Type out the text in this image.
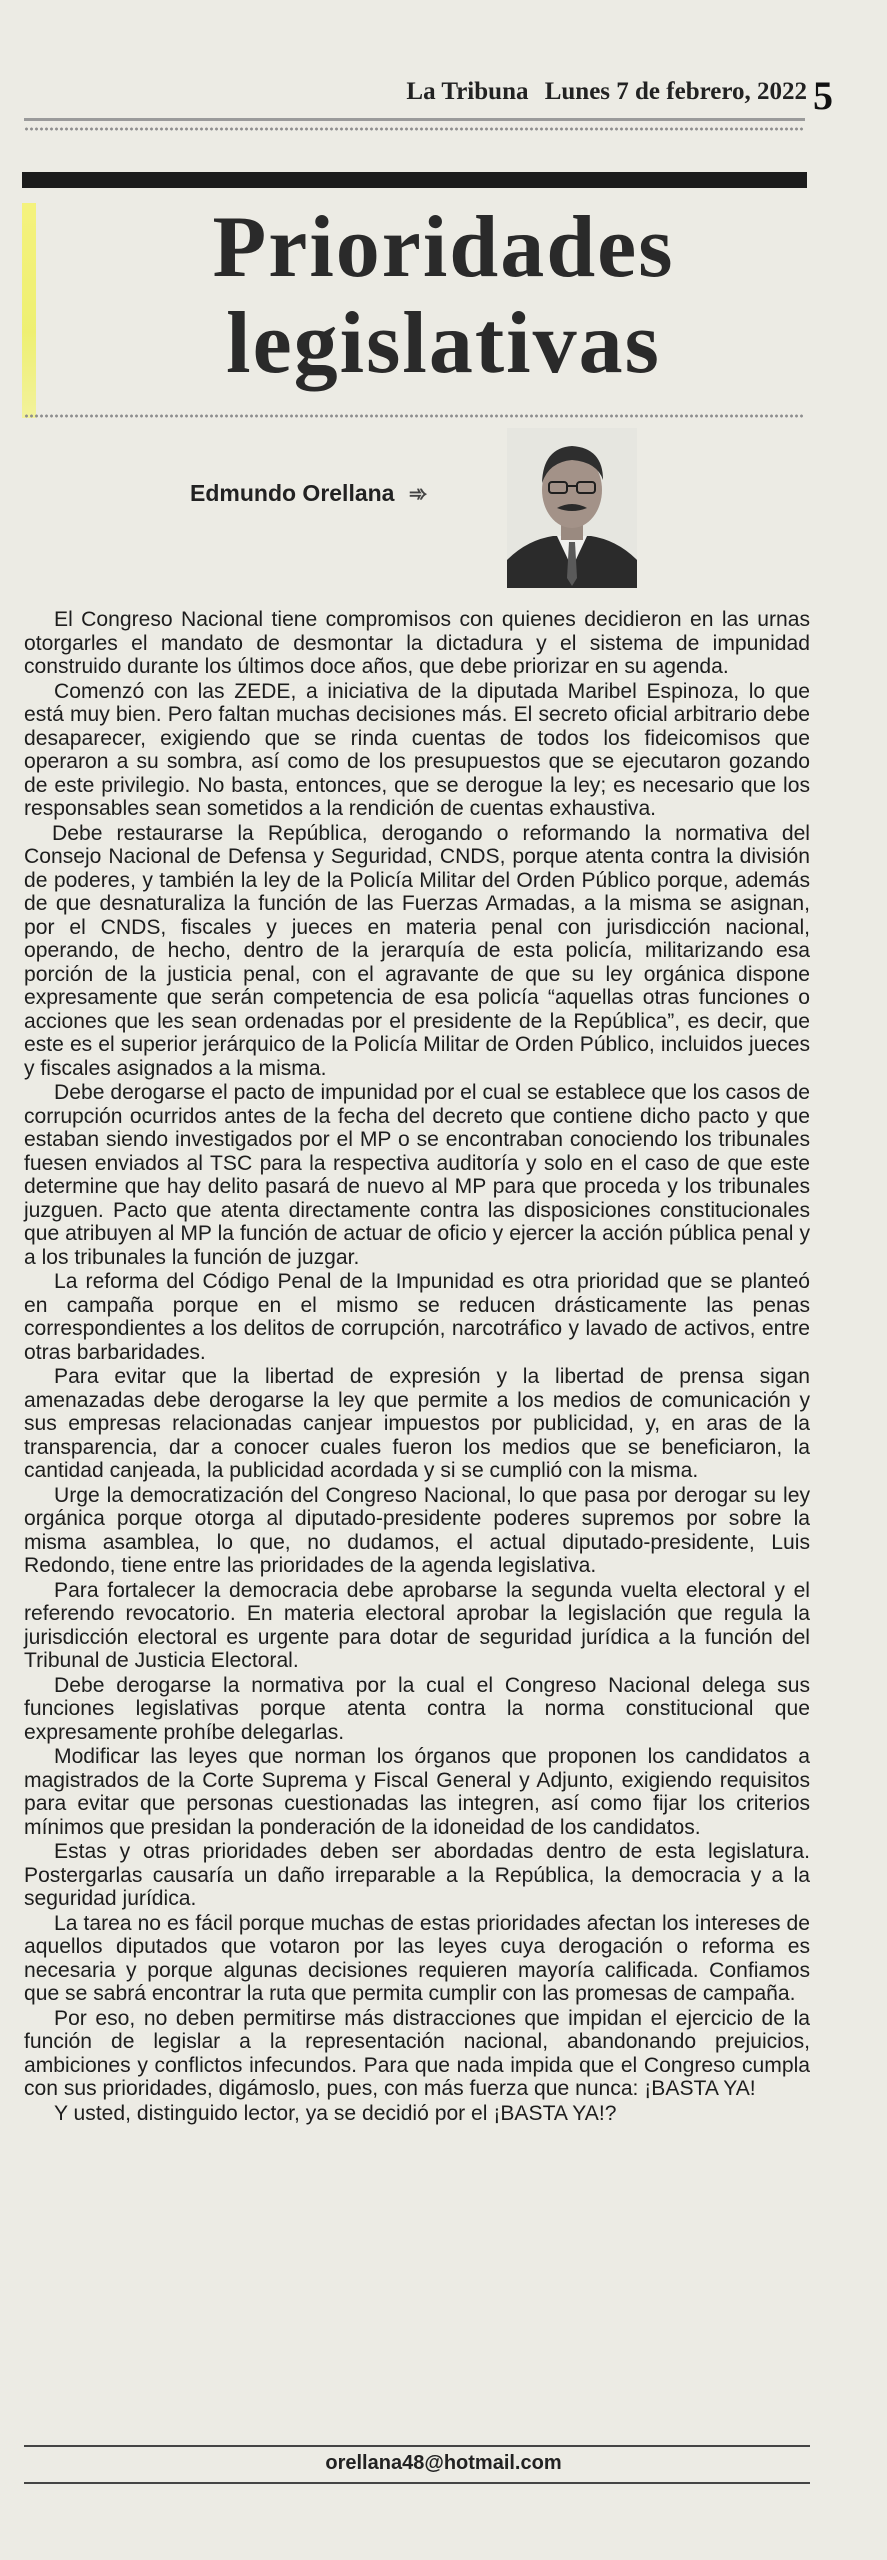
La Tribuna Lunes 7 de febrero, 2022 5
Prioridades
legislativas
Edmundo Orellana ➾

El Congreso Nacional tiene compromisos con quienes decidieron en las urnas otorgarles el mandato de desmontar la dictadura y el sistema de impunidad construido durante los últimos doce años, que debe priorizar en su agenda.

Comenzó con las ZEDE, a iniciativa de la diputada Maribel Espinoza, lo que está muy bien. Pero faltan muchas decisiones más. El secreto oficial arbitrario debe desaparecer, exigiendo que se rinda cuentas de todos los fideicomisos que operaron a su sombra, así como de los presupuestos que se ejecutaron gozando de este privilegio. No basta, entonces, que se derogue la ley; es necesario que los responsables sean sometidos a la rendición de cuentas exhaustiva.

Debe restaurarse la República, derogando o reformando la normativa del Consejo Nacional de Defensa y Seguridad, CNDS, porque atenta contra la división de poderes, y también la ley de la Policía Militar del Orden Público porque, además de que desnaturaliza la función de las Fuerzas Armadas, a la misma se asignan, por el CNDS, fiscales y jueces en materia penal con jurisdicción nacional, operando, de hecho, dentro de la jerarquía de esta policía, militarizando esa porción de la justicia penal, con el agravante de que su ley orgánica dispone expresamente que serán competencia de esa policía “aquellas otras funciones o acciones que les sean ordenadas por el presidente de la República”, es decir, que este es el superior jerárquico de la Policía Militar de Orden Público, incluidos jueces y fiscales asignados a la misma.

Debe derogarse el pacto de impunidad por el cual se establece que los casos de corrupción ocurridos antes de la fecha del decreto que contiene dicho pacto y que estaban siendo investigados por el MP o se encontraban conociendo los tribunales fuesen enviados al TSC para la respectiva auditoría y solo en el caso de que este determine que hay delito pasará de nuevo al MP para que proceda y los tribunales juzguen. Pacto que atenta directamente contra las disposiciones constitucionales que atribuyen al MP la función de actuar de oficio y ejercer la acción pública penal y a los tribunales la función de juzgar.

La reforma del Código Penal de la Impunidad es otra prioridad que se planteó en campaña porque en el mismo se reducen drásticamente las penas correspondientes a los delitos de corrupción, narcotráfico y lavado de activos, entre otras barbaridades.

Para evitar que la libertad de expresión y la libertad de prensa sigan amenazadas debe derogarse la ley que permite a los medios de comunicación y sus empresas relacionadas canjear impuestos por publicidad, y, en aras de la transparencia, dar a conocer cuales fueron los medios que se beneficiaron, la cantidad canjeada, la publicidad acordada y si se cumplió con la misma.

Urge la democratización del Congreso Nacional, lo que pasa por derogar su ley orgánica porque otorga al diputado-presidente poderes supremos por sobre la misma asamblea, lo que, no dudamos, el actual diputado-presidente, Luis Redondo, tiene entre las prioridades de la agenda legislativa.

Para fortalecer la democracia debe aprobarse la segunda vuelta electoral y el referendo revocatorio. En materia electoral aprobar la legislación que regula la jurisdicción electoral es urgente para dotar de seguridad jurídica a la función del Tribunal de Justicia Electoral.

Debe derogarse la normativa por la cual el Congreso Nacional delega sus funciones legislativas porque atenta contra la norma constitucional que expresamente prohíbe delegarlas.

Modificar las leyes que norman los órganos que proponen los candidatos a magistrados de la Corte Suprema y Fiscal General y Adjunto, exigiendo requisitos para evitar que personas cuestionadas las integren, así como fijar los criterios mínimos que presidan la ponderación de la idoneidad de los candidatos.

Estas y otras prioridades deben ser abordadas dentro de esta legislatura. Postergarlas causaría un daño irreparable a la República, la democracia y a la seguridad jurídica.

La tarea no es fácil porque muchas de estas prioridades afectan los intereses de aquellos diputados que votaron por las leyes cuya derogación o reforma es necesaria y porque algunas decisiones requieren mayoría calificada. Confiamos que se sabrá encontrar la ruta que permita cumplir con las promesas de campaña.

Por eso, no deben permitirse más distracciones que impidan el ejercicio de la función de legislar a la representación nacional, abandonando prejuicios, ambiciones y conflictos infecundos. Para que nada impida que el Congreso cumpla con sus prioridades, digámoslo, pues, con más fuerza que nunca: ¡BASTA YA!

Y usted, distinguido lector, ya se decidió por el ¡BASTA YA!?

orellana48@hotmail.com
